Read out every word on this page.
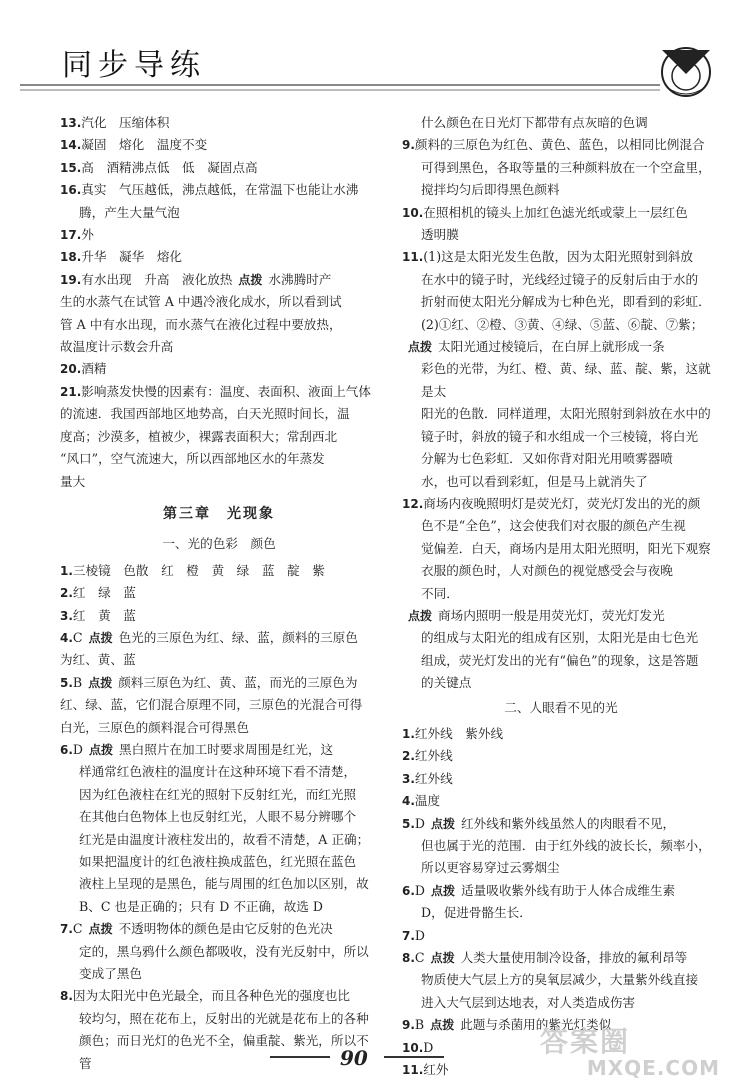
同步导练
13.汽化　压缩体积
14.凝固　熔化　温度不变
15.高　酒精沸点低　低　凝固点高
16.真实　气压越低，沸点越低，在常温下也能让水沸
腾，产生大量气泡
17.外
18.升华　凝华　熔化
19.有水出现　升高　液化放热 点拨 水沸腾时产
生的水蒸气在试管 A 中遇冷液化成水，所以看到试
管 A 中有水出现，而水蒸气在液化过程中要放热，
故温度计示数会升高
20.酒精
21.影响蒸发快慢的因素有：温度、表面积、液面上气体
的流速．我国西部地区地势高，白天光照时间长，温
度高；沙漠多，植被少，裸露表面积大；常刮西北
“风口”，空气流速大，所以西部地区水的年蒸发
量大
第三章　光现象
一、光的色彩　颜色
1.三棱镜　色散　红　橙　黄　绿　蓝　靛　紫
2.红　绿　蓝
3.红　黄　蓝
4.C 点拨 色光的三原色为红、绿、蓝，颜料的三原色
为红、黄、蓝
5.B 点拨 颜料三原色为红、黄、蓝，而光的三原色为
红、绿、蓝，它们混合原理不同，三原色的光混合可得
白光，三原色的颜料混合可得黑色
6.D 点拨 黑白照片在加工时要求周围是红光，这
样通常红色液柱的温度计在这种环境下看不清楚，
因为红色液柱在红光的照射下反射红光，而红光照
在其他白色物体上也反射红光，人眼不易分辨哪个
红光是由温度计液柱发出的，故看不清楚，A 正确；
如果把温度计的红色液柱换成蓝色，红光照在蓝色
液柱上呈现的是黑色，能与周围的红色加以区别，故
B、C 也是正确的；只有 D 不正确，故选 D
7.C 点拨 不透明物体的颜色是由它反射的色光决
定的，黑乌鸦什么颜色都吸收，没有光反射中，所以
变成了黑色
8.因为太阳光中色光最全，而且各种色光的强度也比
较均匀，照在花布上，反射出的光就是花布上的各种
颜色；而日光灯的色光不全，偏重靛、紫光，所以不管
什么颜色在日光灯下都带有点灰暗的色调
9.颜料的三原色为红色、黄色、蓝色，以相同比例混合
可得到黑色，各取等量的三种颜料放在一个空盒里，
搅拌均匀后即得黑色颜料
10.在照相机的镜头上加红色滤光纸或蒙上一层红色
透明膜
11.(1)这是太阳光发生色散，因为太阳光照射到斜放
在水中的镜子时，光线经过镜子的反射后由于水的
折射而使太阳光分解成为七种色光，即看到的彩虹．
(2)①红、②橙、③黄、④绿、⑤蓝、⑥靛、⑦紫；
点拨 太阳光通过棱镜后，在白屏上就形成一条
彩色的光带，为红、橙、黄、绿、蓝、靛、紫，这就是太
阳光的色散．同样道理，太阳光照射到斜放在水中的
镜子时，斜放的镜子和水组成一个三棱镜，将白光
分解为七色彩虹．又如你背对阳光用喷雾器喷
水，也可以看到彩虹，但是马上就消失了
12.商场内夜晚照明灯是荧光灯，荧光灯发出的光的颜
色不是“全色”，这会使我们对衣服的颜色产生视
觉偏差．白天，商场内是用太阳光照明，阳光下观察
衣服的颜色时，人对颜色的视觉感受会与夜晚
不同．
点拨 商场内照明一般是用荧光灯，荧光灯发光
的组成与太阳光的组成有区别，太阳光是由七色光
组成，荧光灯发出的光有“偏色”的现象，这是答题
的关键点
二、人眼看不见的光
1.红外线　紫外线
2.红外线
3.红外线
4.温度
5.D 点拨 红外线和紫外线虽然人的肉眼看不见，
但也属于光的范围．由于红外线的波长长，频率小，
所以更容易穿过云雾烟尘
6.D 点拨 适量吸收紫外线有助于人体合成维生素
D，促进骨骼生长．
7.D
8.C 点拨 人类大量使用制冷设备，排放的氟利昂等
物质使大气层上方的臭氧层减少，大量紫外线直接
进入大气层到达地表，对人类造成伤害
9.B 点拨 此题与杀菌用的紫光灯类似
10.D
11.红外
90	答案圈
MXQE.COM
